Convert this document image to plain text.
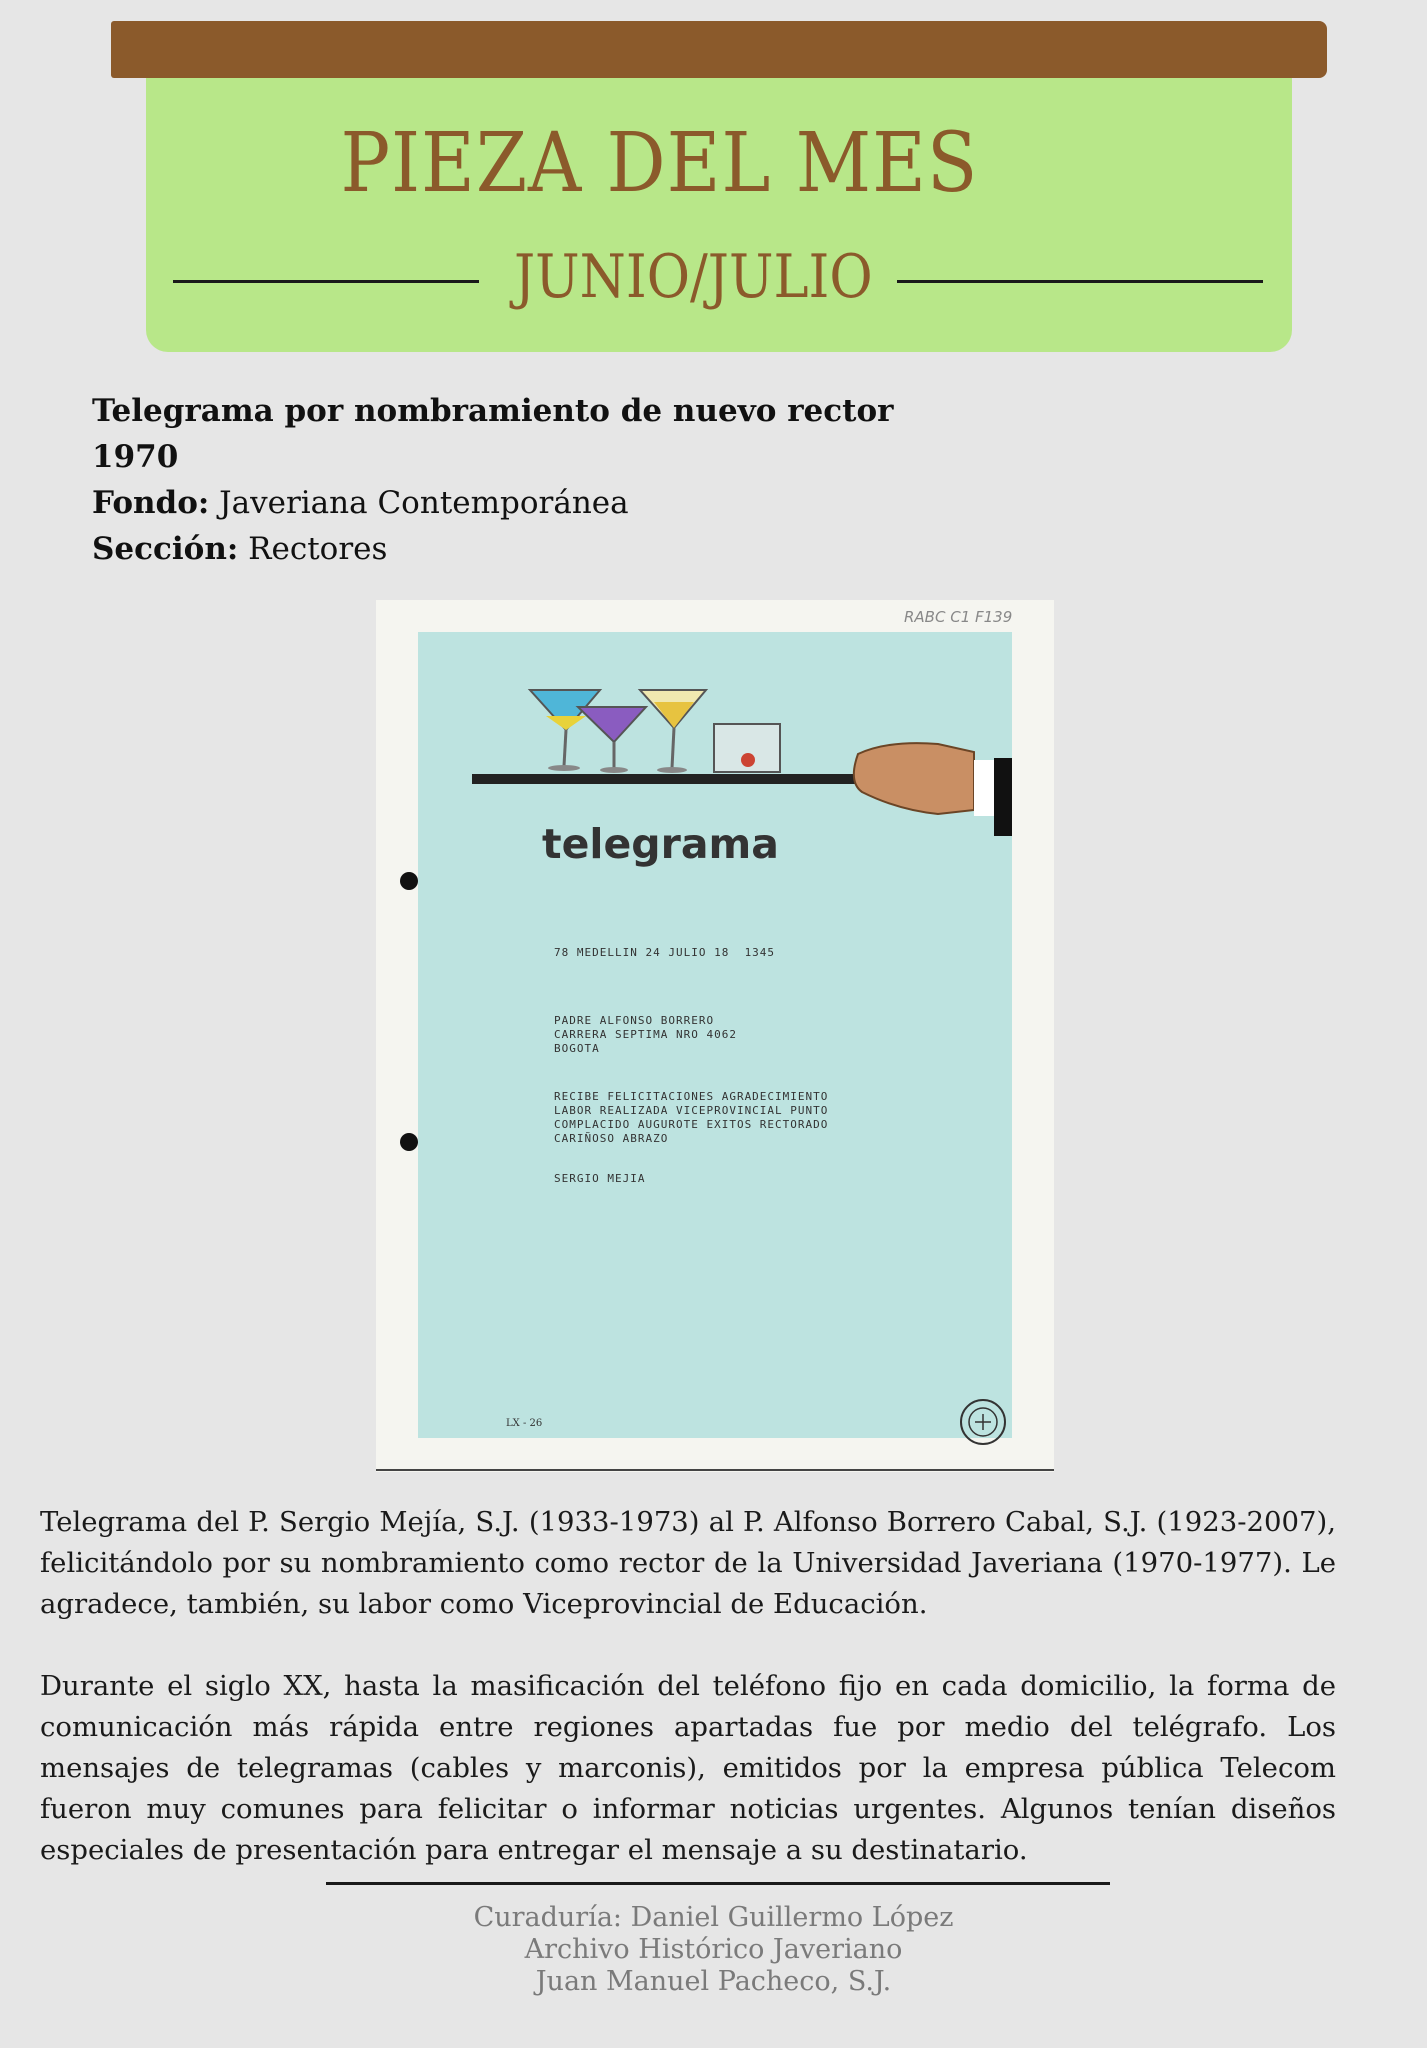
PIEZA DEL MES
JUNIO/JULIO
Telegrama por nombramiento de nuevo rector
1970
Fondo: Javeriana Contemporánea
Sección: Rectores
RABC C1 F139
telegrama
78 MEDELLIN 24 JULIO 18  1345
PADRE ALFONSO BORRERO
CARRERA SEPTIMA NRO 4062
BOGOTA
RECIBE FELICITACIONES AGRADECIMIENTO
LABOR REALIZADA VICEPROVINCIAL PUNTO
COMPLACIDO AUGUROTE EXITOS RECTORADO
CARIÑOSO ABRAZO
SERGIO MEJIA
LX - 26

Telegrama del P. Sergio Mejía, S.J. (1933-1973) al P. Alfonso Borrero Cabal, S.J. (1923-2007), felicitándolo por su nombramiento como rector de la Universidad Javeriana (1970-1977). Le agradece, también, su labor como Viceprovincial de Educación.

Durante el siglo XX, hasta la masificación del teléfono fijo en cada domicilio, la forma de comunicación más rápida entre regiones apartadas fue por medio del telégrafo. Los mensajes de telegramas (cables y marconis), emitidos por la empresa pública Telecom fueron muy comunes para felicitar o informar noticias urgentes. Algunos tenían diseños especiales de presentación para entregar el mensaje a su destinatario.

Curaduría: Daniel Guillermo López
Archivo Histórico Javeriano
Juan Manuel Pacheco, S.J.
